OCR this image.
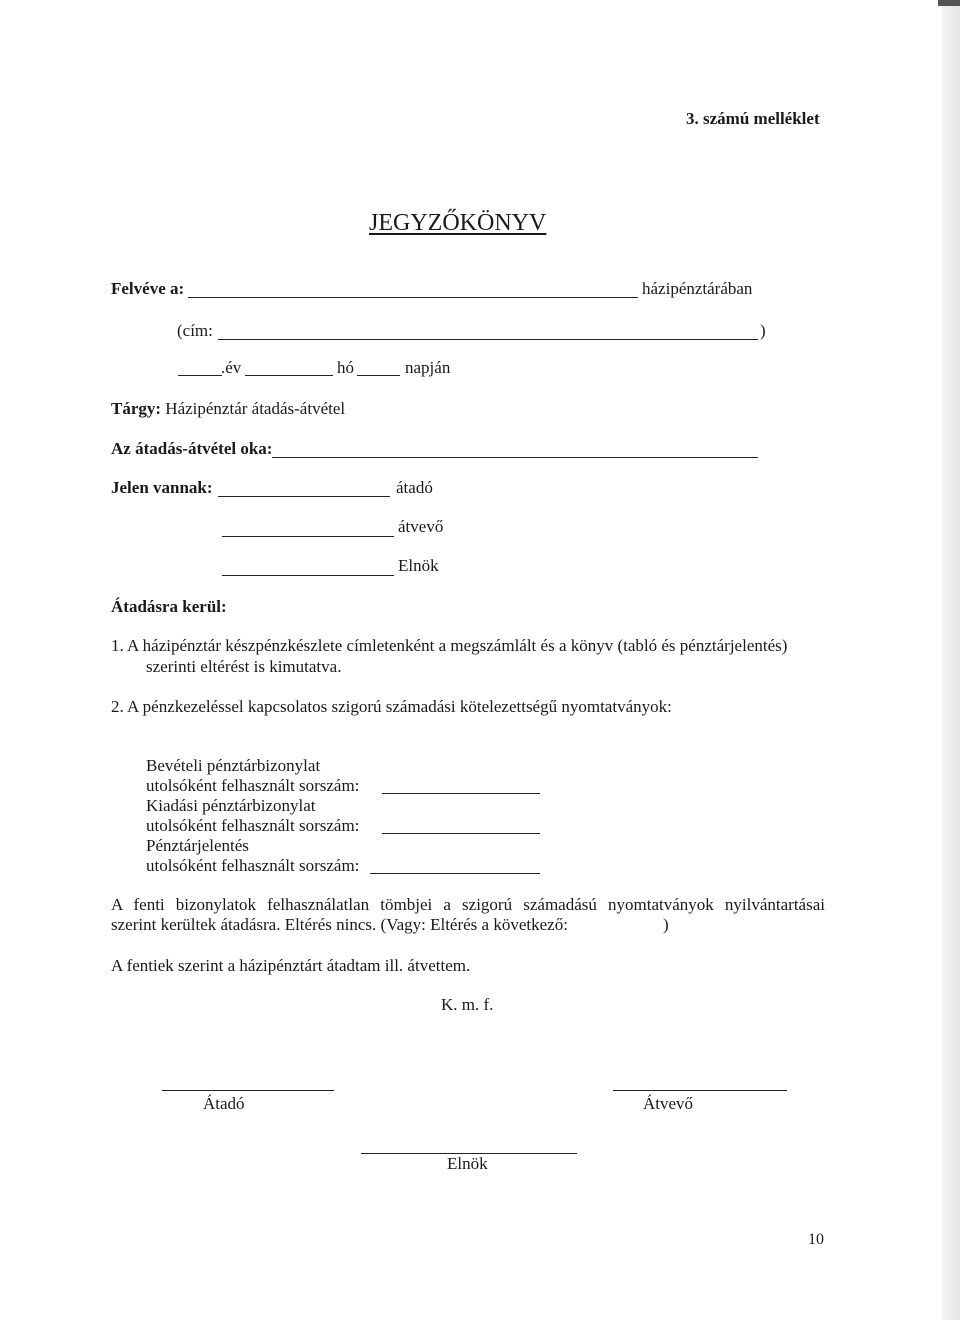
3. számú melléklet
JEGYZŐKÖNYV
Felvéve a:	házipénztárában
(cím:	)
.év	hó	napján
Tárgy: Házipénztár átadás-átvétel
Az átadás-átvétel oka:
Jelen vannak:	átadó
átvevő
Elnök
Átadásra kerül:
1. A házipénztár készpénzkészlete címletenként a megszámlált és a könyv (tabló és pénztárjelentés)
szerinti eltérést is kimutatva.
2. A pénzkezeléssel kapcsolatos szigorú számadási kötelezettségű nyomtatványok:
Bevételi pénztárbizonylat
utolsóként felhasznált sorszám:
Kiadási pénztárbizonylat
utolsóként felhasznált sorszám:
Pénztárjelentés
utolsóként felhasznált sorszám:
A fenti bizonylatok felhasználatlan tömbjei a szigorú számadású nyomtatványok nyilvántartásai
szerint kerültek átadásra. Eltérés nincs. (Vagy: Eltérés a következő:	)
A fentiek szerint a házipénztárt átadtam ill. átvettem.
K. m. f.
Átadó	Átvevő
Elnök
10
